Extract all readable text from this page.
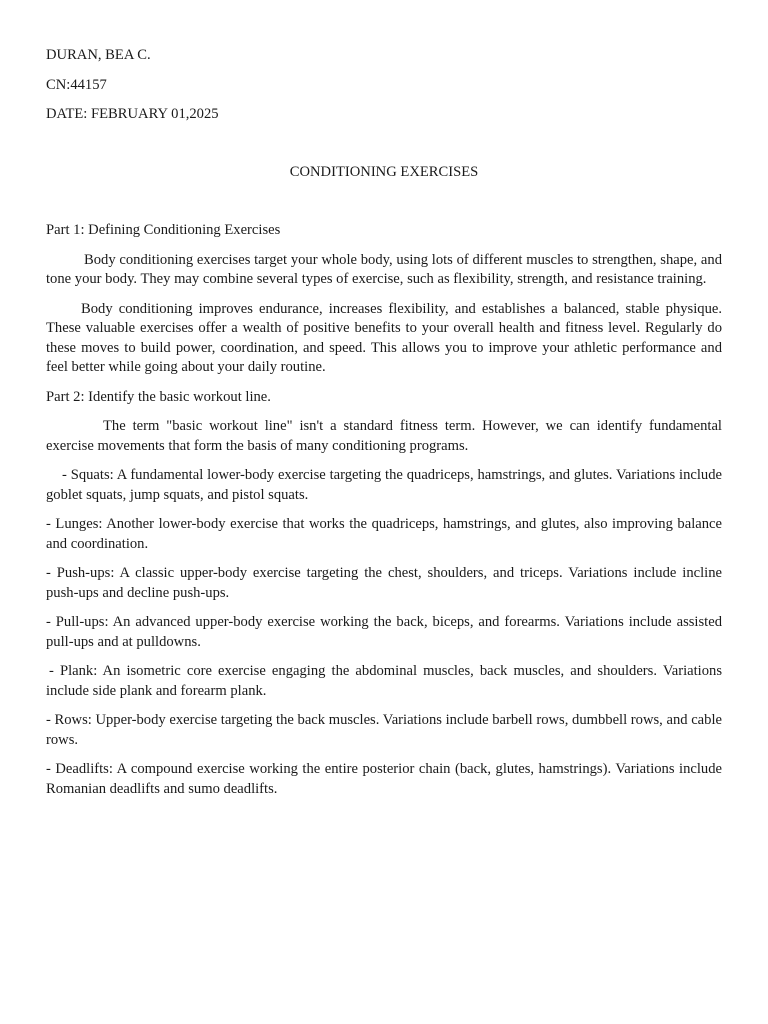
DURAN, BEA C.
CN:44157
DATE: FEBRUARY 01,2025
CONDITIONING EXERCISES
Part 1: Defining Conditioning Exercises

Body conditioning exercises target your whole body, using lots of different muscles to strengthen, shape, and tone your body. They may combine several types of exercise, such as flexibility, strength, and resistance training.

Body conditioning improves endurance, increases flexibility, and establishes a balanced, stable physique. These valuable exercises offer a wealth of positive benefits to your overall health and fitness level. Regularly do these moves to build power, coordination, and speed. This allows you to improve your athletic performance and feel better while going about your daily routine.

Part 2: Identify the basic workout line.

The term "basic workout line" isn't a standard fitness term. However, we can identify fundamental exercise movements that form the basis of many conditioning programs.

- Squats: A fundamental lower-body exercise targeting the quadriceps, hamstrings, and glutes. Variations include goblet squats, jump squats, and pistol squats.

- Lunges: Another lower-body exercise that works the quadriceps, hamstrings, and glutes, also improving balance and coordination.

- Push-ups: A classic upper-body exercise targeting the chest, shoulders, and triceps. Variations include incline push-ups and decline push-ups.

- Pull-ups: An advanced upper-body exercise working the back, biceps, and forearms. Variations include assisted pull-ups and at pulldowns.

- Plank: An isometric core exercise engaging the abdominal muscles, back muscles, and shoulders. Variations include side plank and forearm plank.

- Rows: Upper-body exercise targeting the back muscles. Variations include barbell rows, dumbbell rows, and cable rows.

- Deadlifts: A compound exercise working the entire posterior chain (back, glutes, hamstrings). Variations include Romanian deadlifts and sumo deadlifts.
